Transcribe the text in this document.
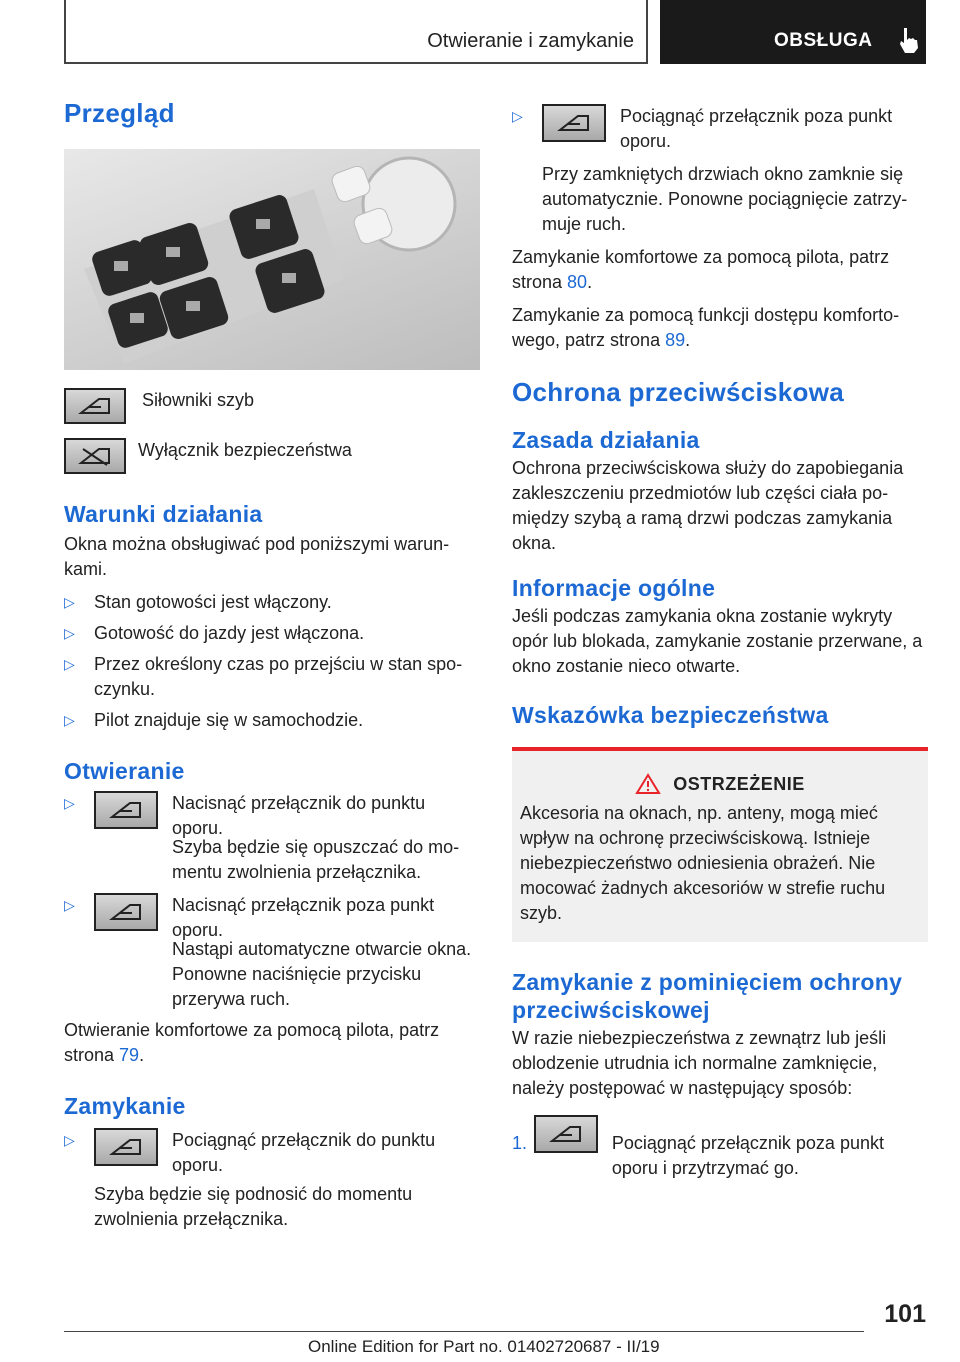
Otwieranie i zamykanie	OBSŁUGA
Przegląd

Siłowniki szyb

Wyłącznik bezpieczeństwa

Warunki działania

Okna można obsługiwać pod poniższymi warun- kami.

▷	Stan gotowości jest włączony.
▷	Gotowość do jazdy jest włączona.
▷	Przez określony czas po przejściu w stan spo- czynku.
▷	Pilot znajduje się w samochodzie.
Otwieranie
▷	Nacisnąć przełącznik do punktu oporu.
Szyba będzie się opuszczać do mo- mentu zwolnienia przełącznika.
▷	Nacisnąć przełącznik poza punkt oporu.
Nastąpi automatyczne otwarcie okna. Ponowne naciśnięcie przycisku przerywa ruch.

Otwieranie komfortowe za pomocą pilota, patrz strona 79.

Zamykanie
▷	Pociągnąć przełącznik do punktu oporu.
Szyba będzie się podnosić do momentu zwolnienia przełącznika.
▷	Pociągnąć przełącznik poza punkt oporu.
Przy zamkniętych drzwiach okno zamknie się automatycznie. Ponowne pociągnięcie zatrzy- muje ruch.

Zamykanie komfortowe za pomocą pilota, patrz strona 80.

Zamykanie za pomocą funkcji dostępu komforto- wego, patrz strona 89.

Ochrona przeciwściskowa
Zasada działania

Ochrona przeciwściskowa służy do zapobiegania zakleszczeniu przedmiotów lub części ciała po- między szybą a ramą drzwi podczas zamykania okna.

Informacje ogólne

Jeśli podczas zamykania okna zostanie wykryty opór lub blokada, zamykanie zostanie przerwane, a okno zostanie nieco otwarte.

Wskazówka bezpieczeństwa
OSTRZEŻENIE

Akcesoria na oknach, np. anteny, mogą mieć wpływ na ochronę przeciwściskową. Istnieje niebezpieczeństwo odniesienia obrażeń. Nie mocować żadnych akcesoriów w strefie ruchu szyb.

Zamykanie z pominięciem ochrony przeciwściskowej

W razie niebezpieczeństwa z zewnątrz lub jeśli oblodzenie utrudnia ich normalne zamknięcie, należy postępować w następujący sposób:

1.	Pociągnąć przełącznik poza punkt oporu i przytrzymać go.
101
Online Edition for Part no. 01402720687 - II/19
